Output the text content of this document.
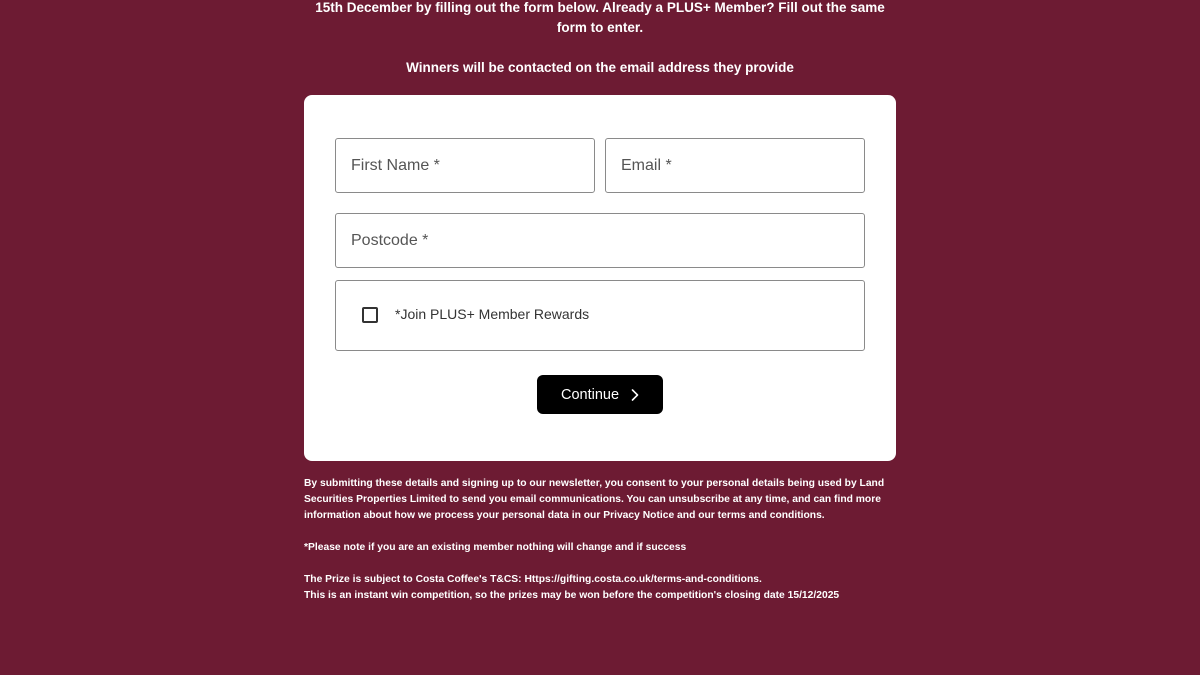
15th December by filling out the form below. Already a PLUS+ Member? Fill out the same

form to enter.

Winners will be contacted on the email address they provide

First Name *
Email *
Postcode *
*Join PLUS+ Member Rewards
Continue

By submitting these details and signing up to our newsletter, you consent to your personal details being used by Land Securities Properties Limited to send you email communications. You can unsubscribe at any time, and can find more information about how we process your personal data in our Privacy Notice and our terms and conditions.

*Please note if you are an existing member nothing will change and if success

The Prize is subject to Costa Coffee's T&CS: Https://gifting.costa.co.uk/terms-and-conditions.

This is an instant win competition, so the prizes may be won before the competition's closing date 15/12/2025
